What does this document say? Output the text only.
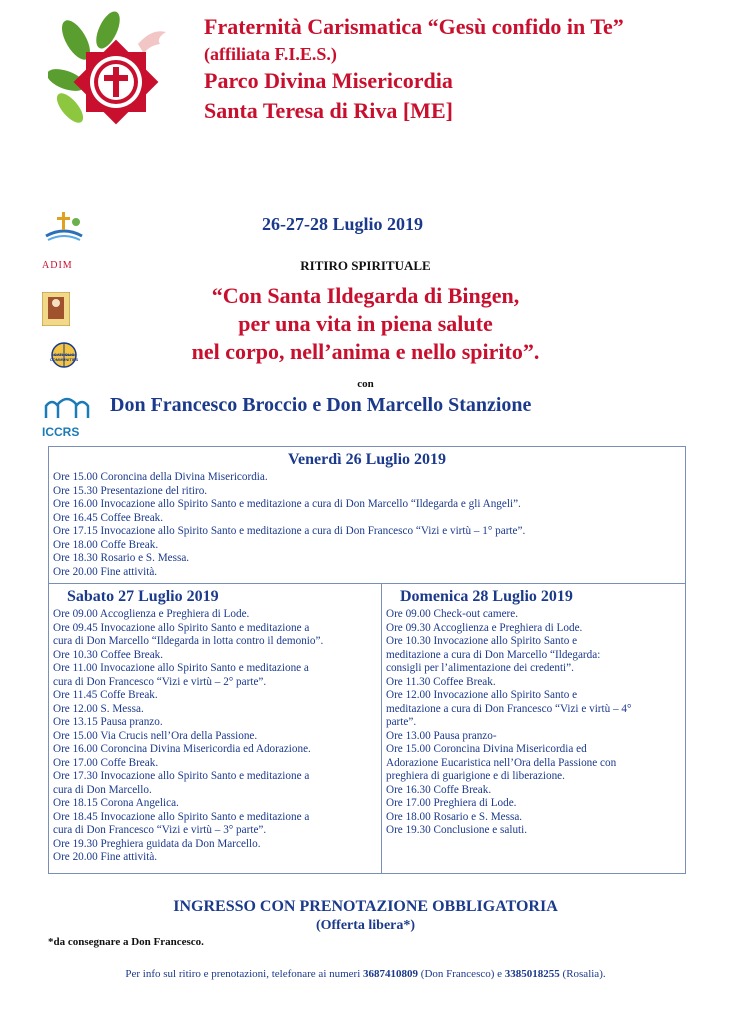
Fraternità Carismatica “Gesù confido in Te”
(affiliata F.I.E.S.)
Parco Divina Misericordia
Santa Teresa di Riva [ME]
ADIM
GATHOLIC COMMUNITIES
ICCRS
26-27-28 Luglio 2019
RITIRO SPIRITUALE
“Con Santa Ildegarda di Bingen,
per una vita in piena salute
nel corpo, nell’anima e nello spirito”.
con
Don Francesco Broccio e Don Marcello Stanzione
Venerdì 26 Luglio 2019
Ore 15.00 Coroncina della Divina Misericordia.
Ore 15.30 Presentazione del ritiro.
Ore 16.00 Invocazione allo Spirito Santo e meditazione a cura di Don Marcello “Ildegarda e gli Angeli”.
Ore 16.45 Coffee Break.
Ore 17.15 Invocazione allo Spirito Santo e meditazione a cura di Don Francesco “Vizi e virtù – 1° parte”.
Ore 18.00 Coffe Break.
Ore 18.30 Rosario e S. Messa.
Ore 20.00 Fine attività.
Sabato 27 Luglio 2019
Ore 09.00 Accoglienza e Preghiera di Lode.
Ore 09.45 Invocazione allo Spirito Santo e meditazione a
cura di Don Marcello “Ildegarda in lotta contro il demonio”.
Ore 10.30 Coffee Break.
Ore 11.00 Invocazione allo Spirito Santo e meditazione a
cura di Don Francesco “Vizi e virtù – 2° parte”.
Ore 11.45 Coffe Break.
Ore 12.00 S. Messa.
Ore 13.15 Pausa pranzo.
Ore 15.00 Via Crucis nell’Ora della Passione.
Ore 16.00 Coroncina Divina Misericordia ed Adorazione.
Ore 17.00 Coffe Break.
Ore 17.30 Invocazione allo Spirito Santo e meditazione a
cura di Don Marcello.
Ore 18.15 Corona Angelica.
Ore 18.45 Invocazione allo Spirito Santo e meditazione a
cura di Don Francesco “Vizi e virtù – 3° parte”.
Ore 19.30 Preghiera guidata da Don Marcello.
Ore 20.00 Fine attività.
Domenica 28 Luglio 2019
Ore 09.00 Check-out camere.
Ore 09.30 Accoglienza e Preghiera di Lode.
Ore 10.30 Invocazione allo Spirito Santo e
meditazione a cura di Don Marcello “Ildegarda:
consigli per l’alimentazione dei credenti”.
Ore 11.30 Coffee Break.
Ore 12.00 Invocazione allo Spirito Santo e
meditazione a cura di Don Francesco “Vizi e virtù – 4°
parte”.
Ore 13.00 Pausa pranzo-
Ore 15.00 Coroncina Divina Misericordia ed
Adorazione Eucaristica nell’Ora della Passione con
preghiera di guarigione e di liberazione.
Ore 16.30 Coffe Break.
Ore 17.00 Preghiera di Lode.
Ore 18.00 Rosario e S. Messa.
Ore 19.30 Conclusione e saluti.
INGRESSO CON PRENOTAZIONE OBBLIGATORIA
(Offerta libera*)
*da consegnare a Don Francesco.
Per info sul ritiro e prenotazioni, telefonare ai numeri 3687410809 (Don Francesco) e 3385018255 (Rosalia).
